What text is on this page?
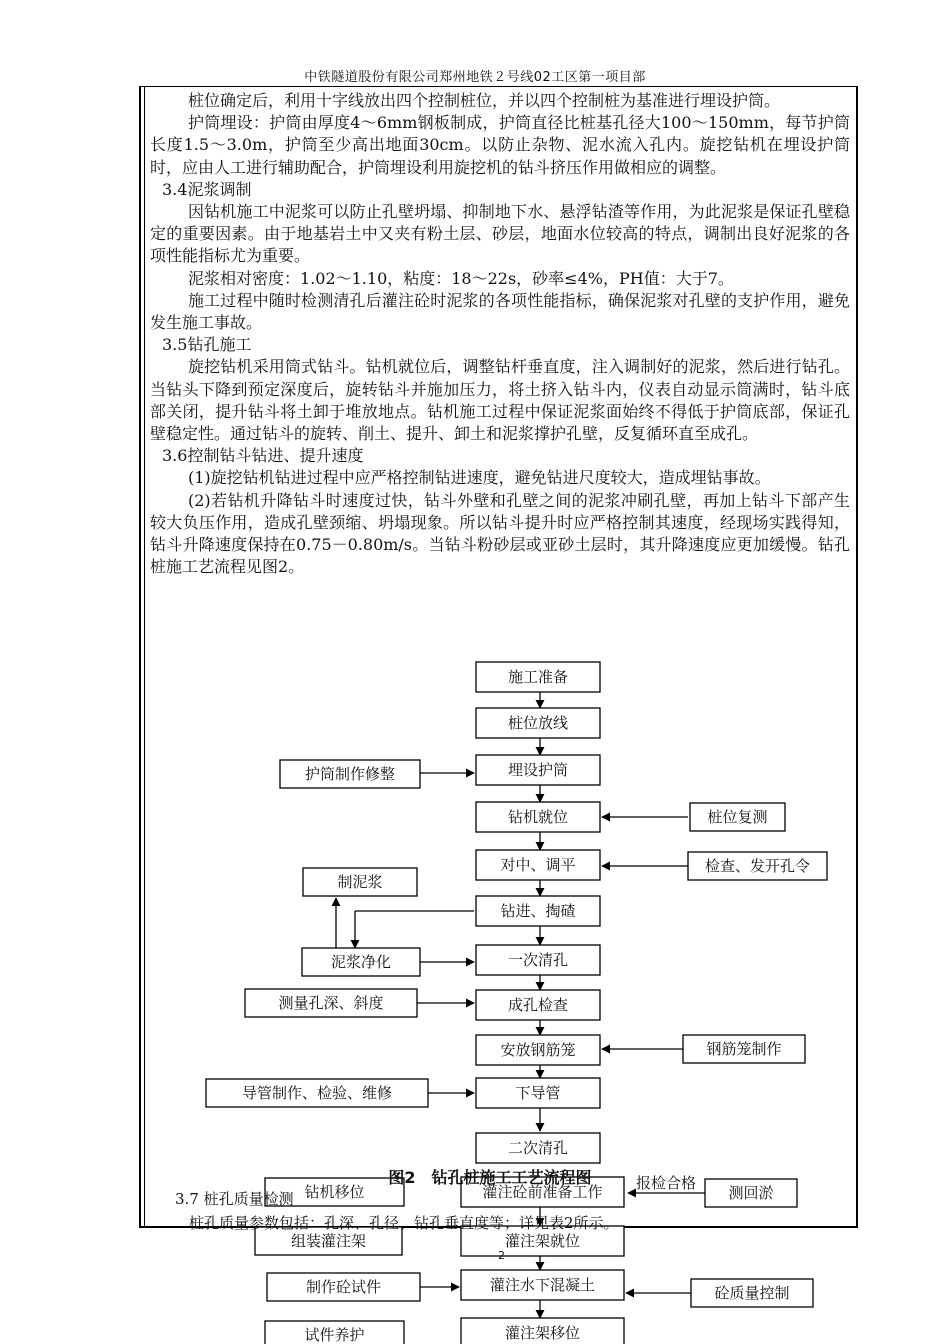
中铁隧道股份有限公司郑州地铁２号线02工区第一项目部

桩位确定后，利用十字线放出四个控制桩位，并以四个控制桩为基准进行埋设护筒。

护筒埋设：护筒由厚度4～6mm钢板制成，护筒直径比桩基孔径大100～150mm，每节护筒长度1.5～3.0m，护筒至少高出地面30cm。以防止杂物、泥水流入孔内。旋挖钻机在埋设护筒时，应由人工进行辅助配合，护筒埋设利用旋挖机的钻斗挤压作用做相应的调整。

3.4泥浆调制

因钻机施工中泥浆可以防止孔壁坍塌、抑制地下水、悬浮钻渣等作用，为此泥浆是保证孔壁稳定的重要因素。由于地基岩土中又夹有粉土层、砂层，地面水位较高的特点，调制出良好泥浆的各项性能指标尤为重要。

泥浆相对密度：1.02～1.10，粘度：18～22s，砂率≤4%，PH值：大于7。

施工过程中随时检测清孔后灌注砼时泥浆的各项性能指标，确保泥浆对孔壁的支护作用，避免发生施工事故。

3.5钻孔施工

旋挖钻机采用筒式钻斗。钻机就位后，调整钻杆垂直度，注入调制好的泥浆，然后进行钻孔。当钻头下降到预定深度后，旋转钻斗并施加压力，将土挤入钻斗内，仪表自动显示筒满时，钻斗底部关闭，提升钻斗将土卸于堆放地点。钻机施工过程中保证泥浆面始终不得低于护筒底部，保证孔壁稳定性。通过钻斗的旋转、削土、提升、卸土和泥浆撑护孔壁，反复循环直至成孔。

3.6控制钻斗钻进、提升速度

(1)旋挖钻机钻进过程中应严格控制钻进速度，避免钻进尺度较大，造成埋钻事故。

(2)若钻机升降钻斗时速度过快，钻斗外壁和孔壁之间的泥浆冲刷孔壁，再加上钻斗下部产生较大负压作用，造成孔壁颈缩、坍塌现象。所以钻斗提升时应严格控制其速度，经现场实践得知，钻斗升降速度保持在0.75－0.80m/s。当钻斗粉砂层或亚砂土层时，其升降速度应更加缓慢。钻孔桩施工艺流程见图2。

施工准备
桩位放线
埋设护筒
钻机就位
对中、调平
钻进、掏碴
一次清孔
成孔检查
安放钢筋笼
下导管
二次清孔
灌注砼前准备工作
灌注架就位
灌注水下混凝土
灌注架移位
护筒制作修整
制泥浆
泥浆净化
测量孔深、斜度
导管制作、检验、维修
钻机移位
组装灌注架
制作砼试件
试件养护
桩位复测
检查、发开孔令
钢筋笼制作
测回淤
砼质量控制
报检合格
图2　钻孔桩施工工艺流程图

3.7 桩孔质量检测

桩孔质量参数包括：孔深、孔径、钻孔垂直度等；详见表2所示。

2
